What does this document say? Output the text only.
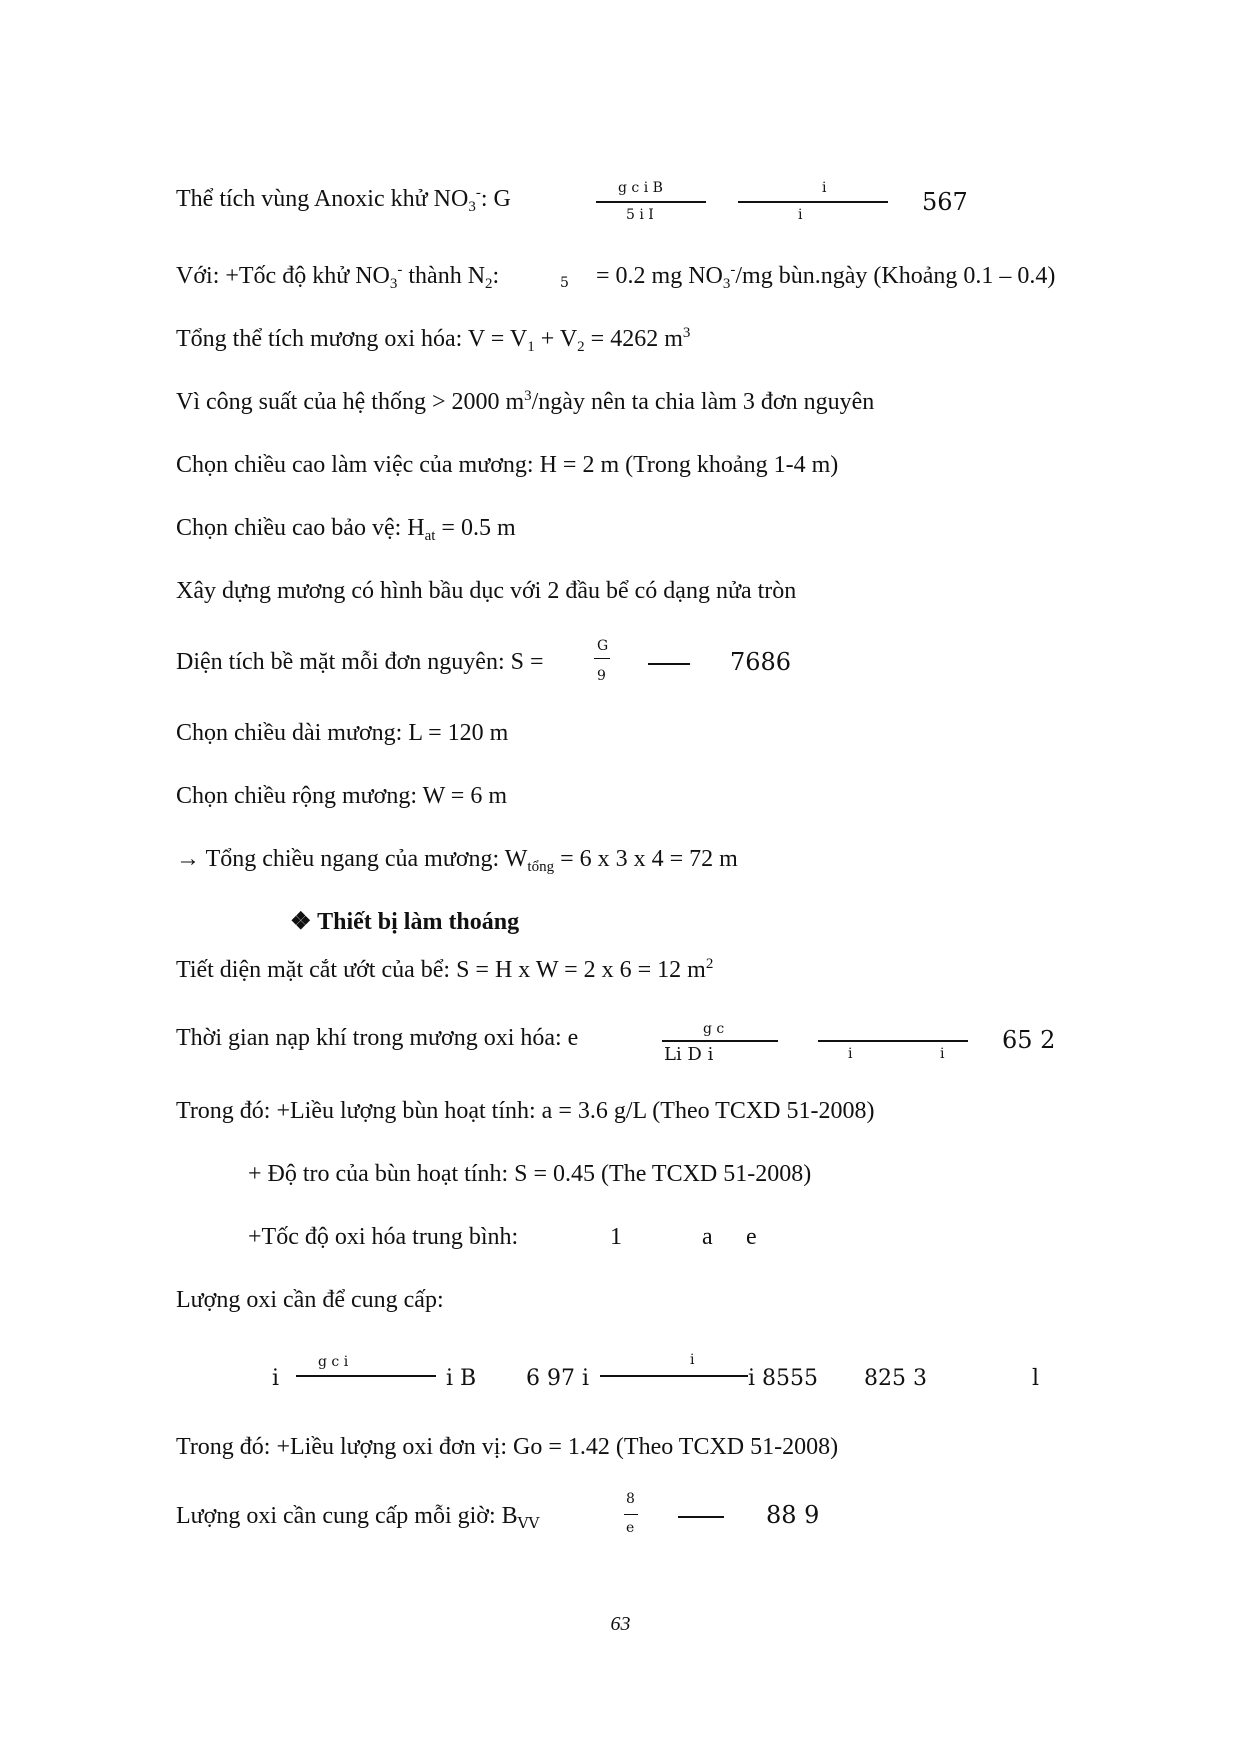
Thể tích vùng Anoxic khử $NO_3^-$: G	g c i B
5 i I
i
i	567
Với: +Tốc độ khử $NO_3^-$ thành $N_2$:	5 = 0.2 mg $NO_3^-/mg$ bùn.ngày (Khoảng 0.1 – 0.4)
Tổng thể tích mương oxi hóa: $V = V_1 + V_2 = 4262$ $m^3$
Vì công suất của hệ thống > 2000 $m^3$/ngày nên ta chia làm 3 đơn nguyên
Chọn chiều cao làm việc của mương: H = 2 m (Trong khoảng 1-4 m)
Chọn chiều cao bảo vệ: $H_{at} = 0.5$ m
Xây dựng mương có hình bầu dục với 2 đầu bể có dạng nửa tròn
Diện tích bề mặt mỗi đơn nguyên: S =
G
9	7686
Chọn chiều dài mương: L = 120 m
Chọn chiều rộng mương: W = 6 m
→ Tổng chiều ngang của mương: $W_{tổng} = 6$ x 3 x 4 = 72 m
❖ Thiết bị làm thoáng
Tiết diện mặt cắt ướt của bể: S = H x W = 2 x 6 = 12 $m^2$
Thời gian nạp khí trong mương oxi hóa: e	g c
Li D i	i	i 65 2
Trong đó: +Liều lượng bùn hoạt tính: a = 3.6 g/L (Theo TCXD 51-2008)
+ Độ tro của bùn hoạt tính: S = 0.45 (The TCXD 51-2008)
+Tốc độ oxi hóa trung bình:	1	a e
Lượng oxi cần để cung cấp:
i
g c i
i B 6 97 i
i
i 8555 825 3	l
Trong đó: +Liều lượng oxi đơn vị: Go = 1.42 (Theo TCXD 51-2008)
Lượng oxi cần cung cấp mỗi giờ: $B_{VV}$
8
e	88 9
63
